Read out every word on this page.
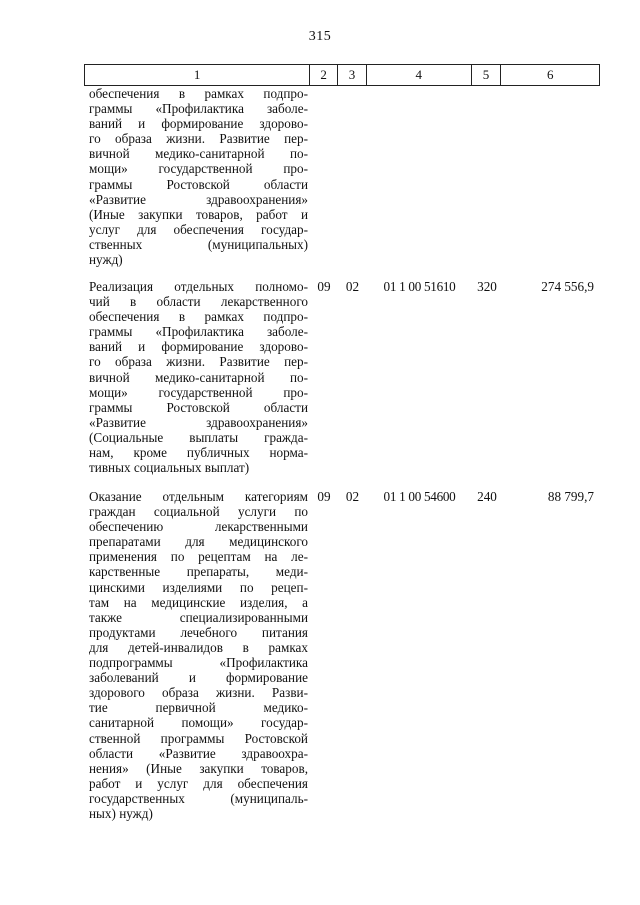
315
1	2	3	4	5	6
обеспечения в рамках подпро-
граммы «Профилактика заболе-
ваний и формирование здорово-
го образа жизни. Развитие пер-
вичной медико-санитарной по-
мощи» государственной про-
граммы Ростовской области
«Развитие здравоохранения»
(Иные закупки товаров, работ и
услуг для обеспечения государ-
ственных (муниципальных)
нужд)
Реализация отдельных полномо-
чий в области лекарственного
обеспечения в рамках подпро-
граммы «Профилактика заболе-
ваний и формирование здорово-
го образа жизни. Развитие пер-
вичной медико-санитарной по-
мощи» государственной про-
граммы Ростовской области
«Развитие здравоохранения»
(Социальные выплаты гражда-
нам, кроме публичных норма-
тивных социальных выплат)
09	02	01 1 00 51610	320	274 556,9
Оказание отдельным категориям
граждан социальной услуги по
обеспечению лекарственными
препаратами для медицинского
применения по рецептам на ле-
карственные препараты, меди-
цинскими изделиями по рецеп-
там на медицинские изделия, а
также специализированными
продуктами лечебного питания
для детей-инвалидов в рамках
подпрограммы «Профилактика
заболеваний и формирование
здорового образа жизни. Разви-
тие первичной медико-
санитарной помощи» государ-
ственной программы Ростовской
области «Развитие здравоохра-
нения» (Иные закупки товаров,
работ и услуг для обеспечения
государственных (муниципаль-
ных) нужд)
09	02	01 1 00 54600	240	88 799,7
